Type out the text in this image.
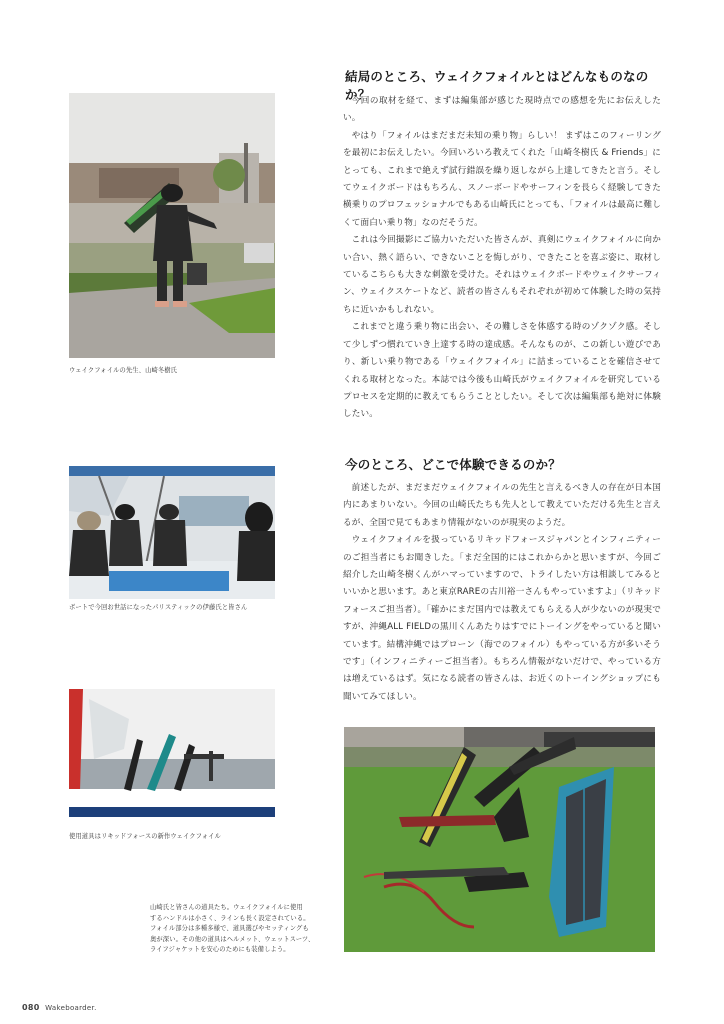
ウェイクフォイルの先生、山崎冬樹氏
ボートで今回お世話になったパリスティックの伊藤氏と皆さん
使用道具はリキッドフォースの新作ウェイクフォイル
山崎氏と皆さんの道具たち。ウェイクフォイルに使用
するハンドルは小さく、ラインも長く設定されている。
フォイル部分は多種多様で、道具選びやセッティングも
奥が深い。その他の道具はヘルメット、ウェットスーツ、
ライフジャケットを安心のためにも装備しよう。
結局のところ、ウェイクフォイルとはどんなものなのか？

今回の取材を経て、まずは編集部が感じた現時点での感想を先にお伝えしたい。

やはり「フォイルはまだまだ未知の乗り物」らしい！ まずはこのフィーリングを最初にお伝えしたい。今回いろいろ教えてくれた「山崎冬樹氏 & Friends」にとっても、これまで絶えず試行錯誤を繰り返しながら上達してきたと言う。そしてウェイクボードはもちろん、スノーボードやサーフィンを長らく経験してきた横乗りのプロフェッショナルでもある山崎氏にとっても、「フォイルは最高に難しくて面白い乗り物」なのだそうだ。

これは今回撮影にご協力いただいた皆さんが、真剣にウェイクフォイルに向かい合い、熱く語らい、できないことを悔しがり、できたことを喜ぶ姿に、取材しているこちらも大きな刺激を受けた。それはウェイクボードやウェイクサーフィン、ウェイクスケートなど、読者の皆さんもそれぞれが初めて体験した時の気持ちに近いかもしれない。

これまでと違う乗り物に出会い、その難しさを体感する時のゾクゾク感。そして少しずつ慣れていき上達する時の達成感。そんなものが、この新しい遊びであり、新しい乗り物である「ウェイクフォイル」に詰まっていることを確信させてくれる取材となった。本誌では今後も山崎氏がウェイクフォイルを研究しているプロセスを定期的に教えてもらうこととしたい。そして次は編集部も絶対に体験したい。

今のところ、どこで体験できるのか？

前述したが、まだまだウェイクフォイルの先生と言えるべき人の存在が日本国内にあまりいない。今回の山崎氏たちも先人として教えていただける先生と言えるが、全国で見てもあまり情報がないのが現実のようだ。

ウェイクフォイルを扱っているリキッドフォースジャパンとインフィニティーのご担当者にもお聞きした。「まだ全国的にはこれからかと思いますが、今回ご紹介した山崎冬樹くんがハマっていますので、トライしたい方は相談してみるといいかと思います。あと東京RAREの古川裕一さんもやっていますよ」（リキッドフォースご担当者）。「確かにまだ国内では教えてもらえる人が少ないのが現実ですが、沖縄ALL FIELDの黒川くんあたりはすでにトーイングをやっていると聞いています。結構沖縄ではプローン（海でのフォイル）もやっている方が多いそうです」（インフィニティーご担当者）。もちろん情報がないだけで、やっている方は増えているはず。気になる読者の皆さんは、お近くのトーイングショップにも聞いてみてほしい。

080 Wakeboarder.
